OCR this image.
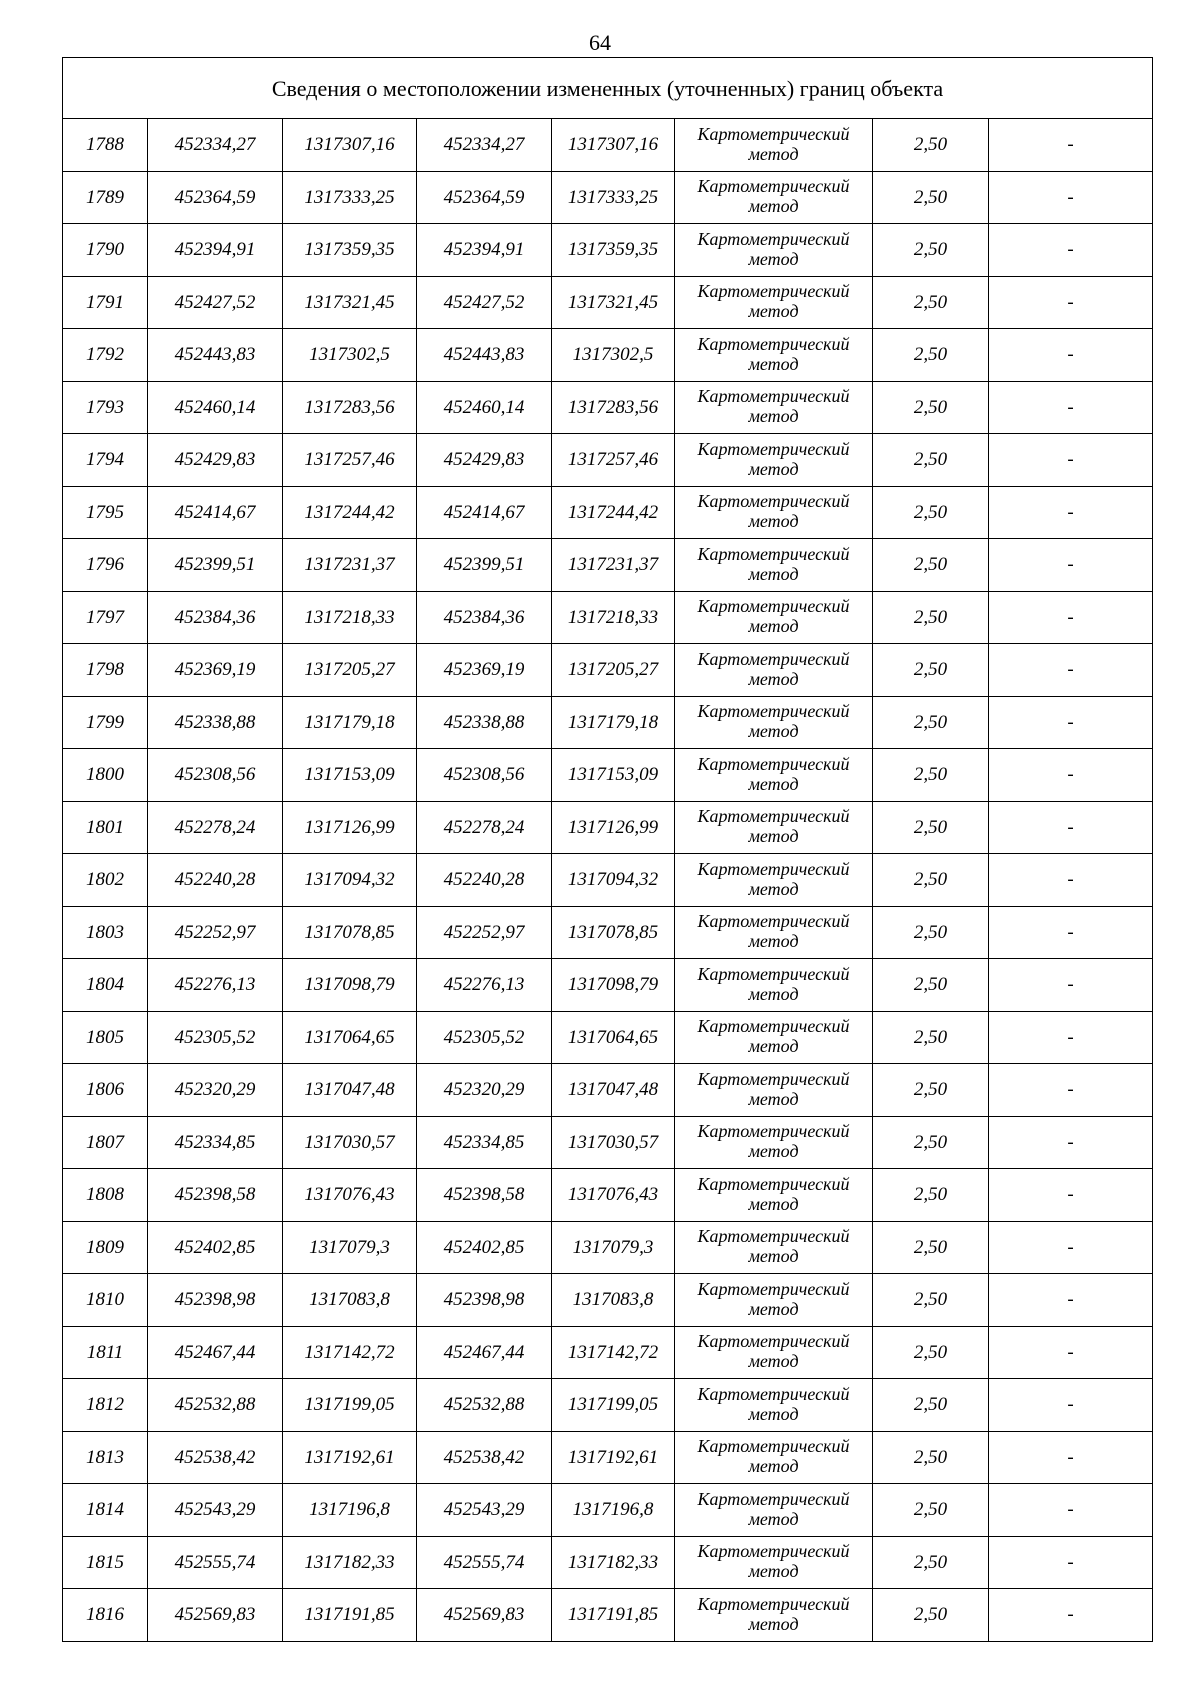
64
Сведения о местоположении измененных (уточненных) границ объекта							
1788	452334,27	1317307,16	452334,27	1317307,16	Картометрический
метод	2,50	-
1789	452364,59	1317333,25	452364,59	1317333,25	Картометрический
метод	2,50	-
1790	452394,91	1317359,35	452394,91	1317359,35	Картометрический
метод	2,50	-
1791	452427,52	1317321,45	452427,52	1317321,45	Картометрический
метод	2,50	-
1792	452443,83	1317302,5	452443,83	1317302,5	Картометрический
метод	2,50	-
1793	452460,14	1317283,56	452460,14	1317283,56	Картометрический
метод	2,50	-
1794	452429,83	1317257,46	452429,83	1317257,46	Картометрический
метод	2,50	-
1795	452414,67	1317244,42	452414,67	1317244,42	Картометрический
метод	2,50	-
1796	452399,51	1317231,37	452399,51	1317231,37	Картометрический
метод	2,50	-
1797	452384,36	1317218,33	452384,36	1317218,33	Картометрический
метод	2,50	-
1798	452369,19	1317205,27	452369,19	1317205,27	Картометрический
метод	2,50	-
1799	452338,88	1317179,18	452338,88	1317179,18	Картометрический
метод	2,50	-
1800	452308,56	1317153,09	452308,56	1317153,09	Картометрический
метод	2,50	-
1801	452278,24	1317126,99	452278,24	1317126,99	Картометрический
метод	2,50	-
1802	452240,28	1317094,32	452240,28	1317094,32	Картометрический
метод	2,50	-
1803	452252,97	1317078,85	452252,97	1317078,85	Картометрический
метод	2,50	-
1804	452276,13	1317098,79	452276,13	1317098,79	Картометрический
метод	2,50	-
1805	452305,52	1317064,65	452305,52	1317064,65	Картометрический
метод	2,50	-
1806	452320,29	1317047,48	452320,29	1317047,48	Картометрический
метод	2,50	-
1807	452334,85	1317030,57	452334,85	1317030,57	Картометрический
метод	2,50	-
1808	452398,58	1317076,43	452398,58	1317076,43	Картометрический
метод	2,50	-
1809	452402,85	1317079,3	452402,85	1317079,3	Картометрический
метод	2,50	-
1810	452398,98	1317083,8	452398,98	1317083,8	Картометрический
метод	2,50	-
1811	452467,44	1317142,72	452467,44	1317142,72	Картометрический
метод	2,50	-
1812	452532,88	1317199,05	452532,88	1317199,05	Картометрический
метод	2,50	-
1813	452538,42	1317192,61	452538,42	1317192,61	Картометрический
метод	2,50	-
1814	452543,29	1317196,8	452543,29	1317196,8	Картометрический
метод	2,50	-
1815	452555,74	1317182,33	452555,74	1317182,33	Картометрический
метод	2,50	-
1816	452569,83	1317191,85	452569,83	1317191,85	Картометрический
метод	2,50	-
